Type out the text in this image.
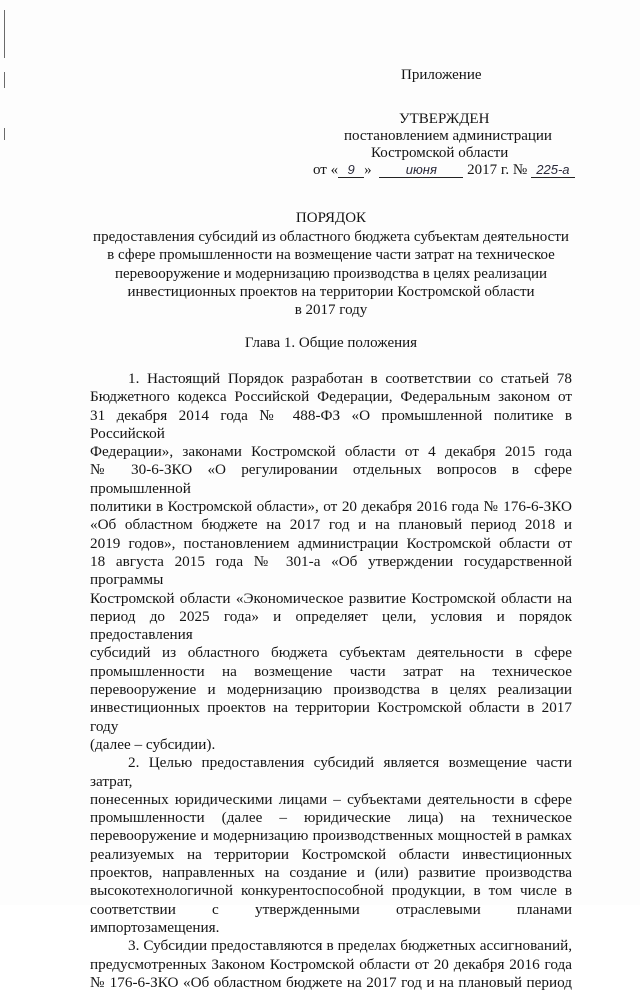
Приложение
УТВЕРЖДЕН
постановлением администрации
Костромской области
от « 9 »	июня 2017 г. № 225-а
ПОРЯДОК
предоставления субсидий из областного бюджета субъектам деятельности
в сфере промышленности на возмещение части затрат на техническое
перевооружение и модернизацию производства в целях реализации
инвестиционных проектов на территории Костромской области
в 2017 году
Глава 1. Общие положения

1. Настоящий Порядок разработан в соответствии со статьей 78

Бюджетного кодекса Российской Федерации, Федеральным законом от

31 декабря 2014 года № 488-ФЗ «О промышленной политике в Российской

Федерации», законами Костромской области от 4 декабря 2015 года

№ 30-6-ЗКО «О регулировании отдельных вопросов в сфере промышленной

политики в Костромской области», от 20 декабря 2016 года № 176-6-ЗКО

«Об областном бюджете на 2017 год и на плановый период 2018 и

2019 годов», постановлением администрации Костромской области от

18 августа 2015 года № 301-а «Об утверждении государственной программы

Костромской области «Экономическое развитие Костромской области на

период до 2025 года» и определяет цели, условия и порядок предоставления

субсидий из областного бюджета субъектам деятельности в сфере

промышленности на возмещение части затрат на техническое

перевооружение и модернизацию производства в целях реализации

инвестиционных проектов на территории Костромской области в 2017 году

(далее – субсидии).

2. Целью предоставления субсидий является возмещение части затрат,

понесенных юридическими лицами – субъектами деятельности в сфере

промышленности (далее – юридические лица) на техническое

перевооружение и модернизацию производственных мощностей в рамках

реализуемых на территории Костромской области инвестиционных

проектов, направленных на создание и (или) развитие производства

высокотехнологичной конкурентоспособной продукции, в том числе в

соответствии с утвержденными отраслевыми планами импортозамещения.

3. Субсидии предоставляются в пределах бюджетных ассигнований,

предусмотренных Законом Костромской области от 20 декабря 2016 года

№ 176-6-ЗКО «Об областном бюджете на 2017 год и на плановый период
